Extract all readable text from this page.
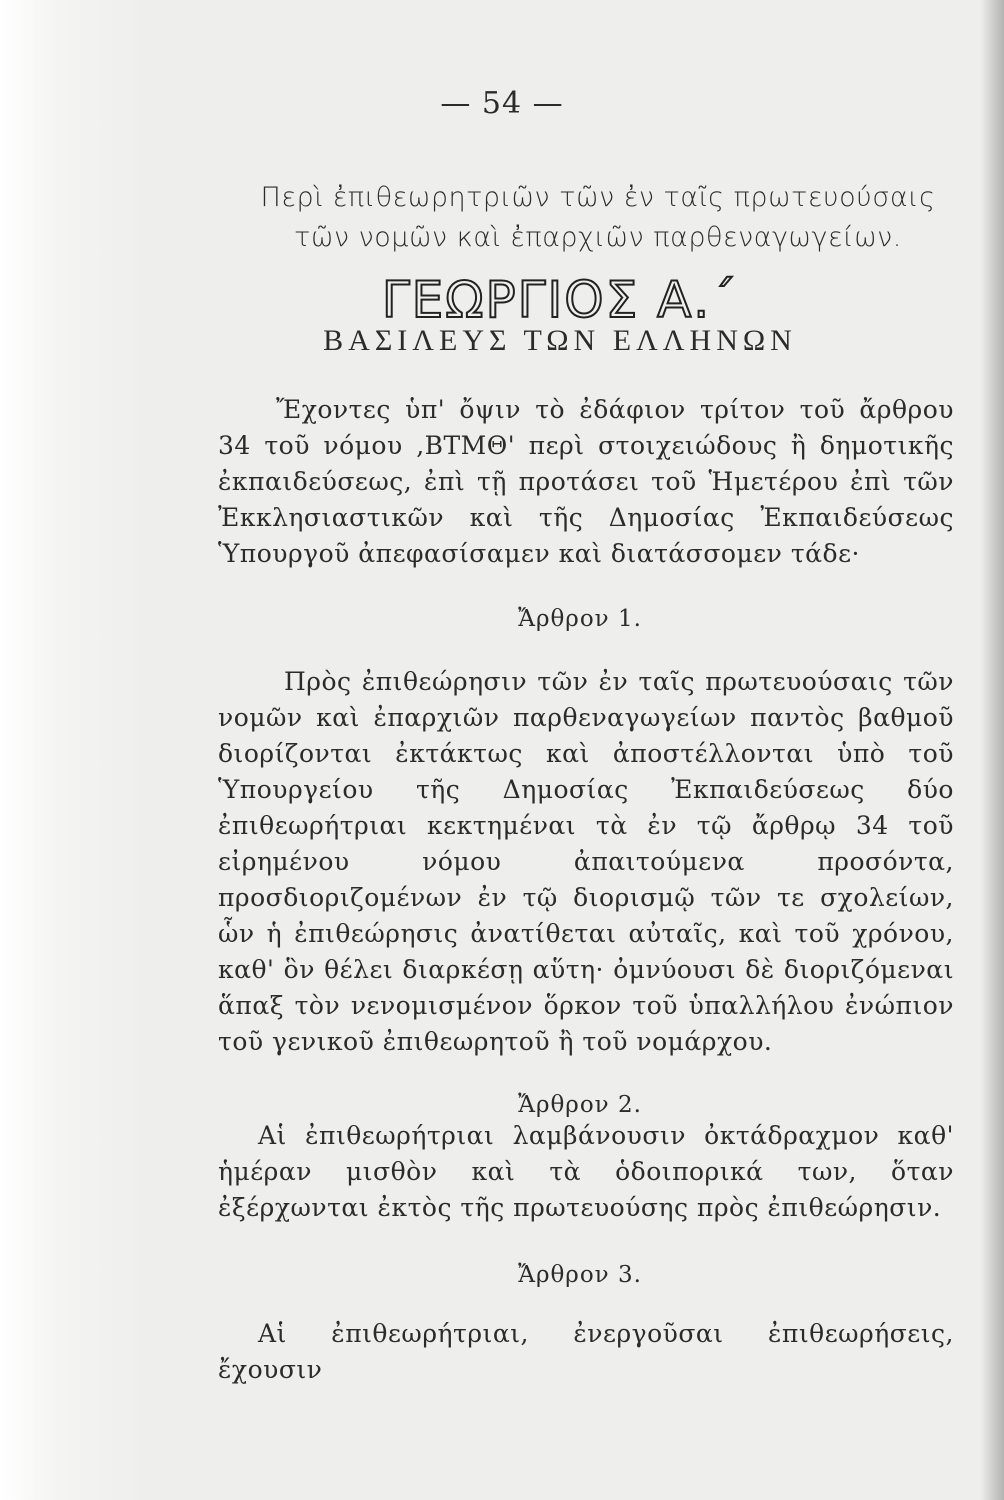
— 54 —
Περὶ ἐπιθεωρητριῶν τῶν ἐν ταῖς πρωτευούσαις τῶν νομῶν καὶ ἐπαρχιῶν παρθεναγωγείων.
ΓΕΩΡΓΙΟΣ Α.΄
ΒΑΣΙΛΕΥΣ ΤΩΝ ΕΛΛΗΝΩΝ
Ἔχοντες ὑπ' ὄψιν τὸ ἐδάφιον τρίτον τοῦ ἄρθρου 34 τοῦ νόμου ,ΒΤΜΘ' περὶ στοιχειώδους ἢ δημοτικῆς ἐκπαιδεύσεως, ἐπὶ τῇ προτάσει τοῦ Ἡμετέρου ἐπὶ τῶν Ἐκκλησιαστικῶν καὶ τῆς Δημοσίας Ἐκπαιδεύσεως Ὑπουργοῦ ἀπεφασίσαμεν καὶ διατάσσομεν τάδε·
Ἄρθρον 1.
Πρὸς ἐπιθεώρησιν τῶν ἐν ταῖς πρωτευούσαις τῶν νομῶν καὶ ἐπαρχιῶν παρθεναγωγείων παντὸς βαθμοῦ διορίζονται ἐκτάκτως καὶ ἀποστέλλονται ὑπὸ τοῦ Ὑπουργείου τῆς Δημοσίας Ἐκπαιδεύσεως δύο ἐπιθεωρήτριαι κεκτημέναι τὰ ἐν τῷ ἄρθρῳ 34 τοῦ εἰρημένου νόμου ἀπαιτούμενα προσόντα, προσδιοριζομένων ἐν τῷ διορισμῷ τῶν τε σχολείων, ὧν ἡ ἐπιθεώρησις ἀνατίθεται αὐταῖς, καὶ τοῦ χρόνου, καθ' ὃν θέλει διαρκέσῃ αὕτη· ὀμνύουσι δὲ διοριζόμεναι ἅπαξ τὸν νενομισμένον ὅρκον τοῦ ὑπαλλήλου ἐνώπιον τοῦ γενικοῦ ἐπιθεωρητοῦ ἢ τοῦ νομάρχου.
Ἄρθρον 2.
Αἱ ἐπιθεωρήτριαι λαμβάνουσιν ὀκτάδραχμον καθ' ἡμέραν μισθὸν καὶ τὰ ὁδοιπορικά των, ὅταν ἐξέρχωνται ἐκτὸς τῆς πρωτευούσης πρὸς ἐπιθεώρησιν.
Ἄρθρον 3.
Αἱ ἐπιθεωρήτριαι, ἐνεργοῦσαι ἐπιθεωρήσεις, ἔχουσιν
